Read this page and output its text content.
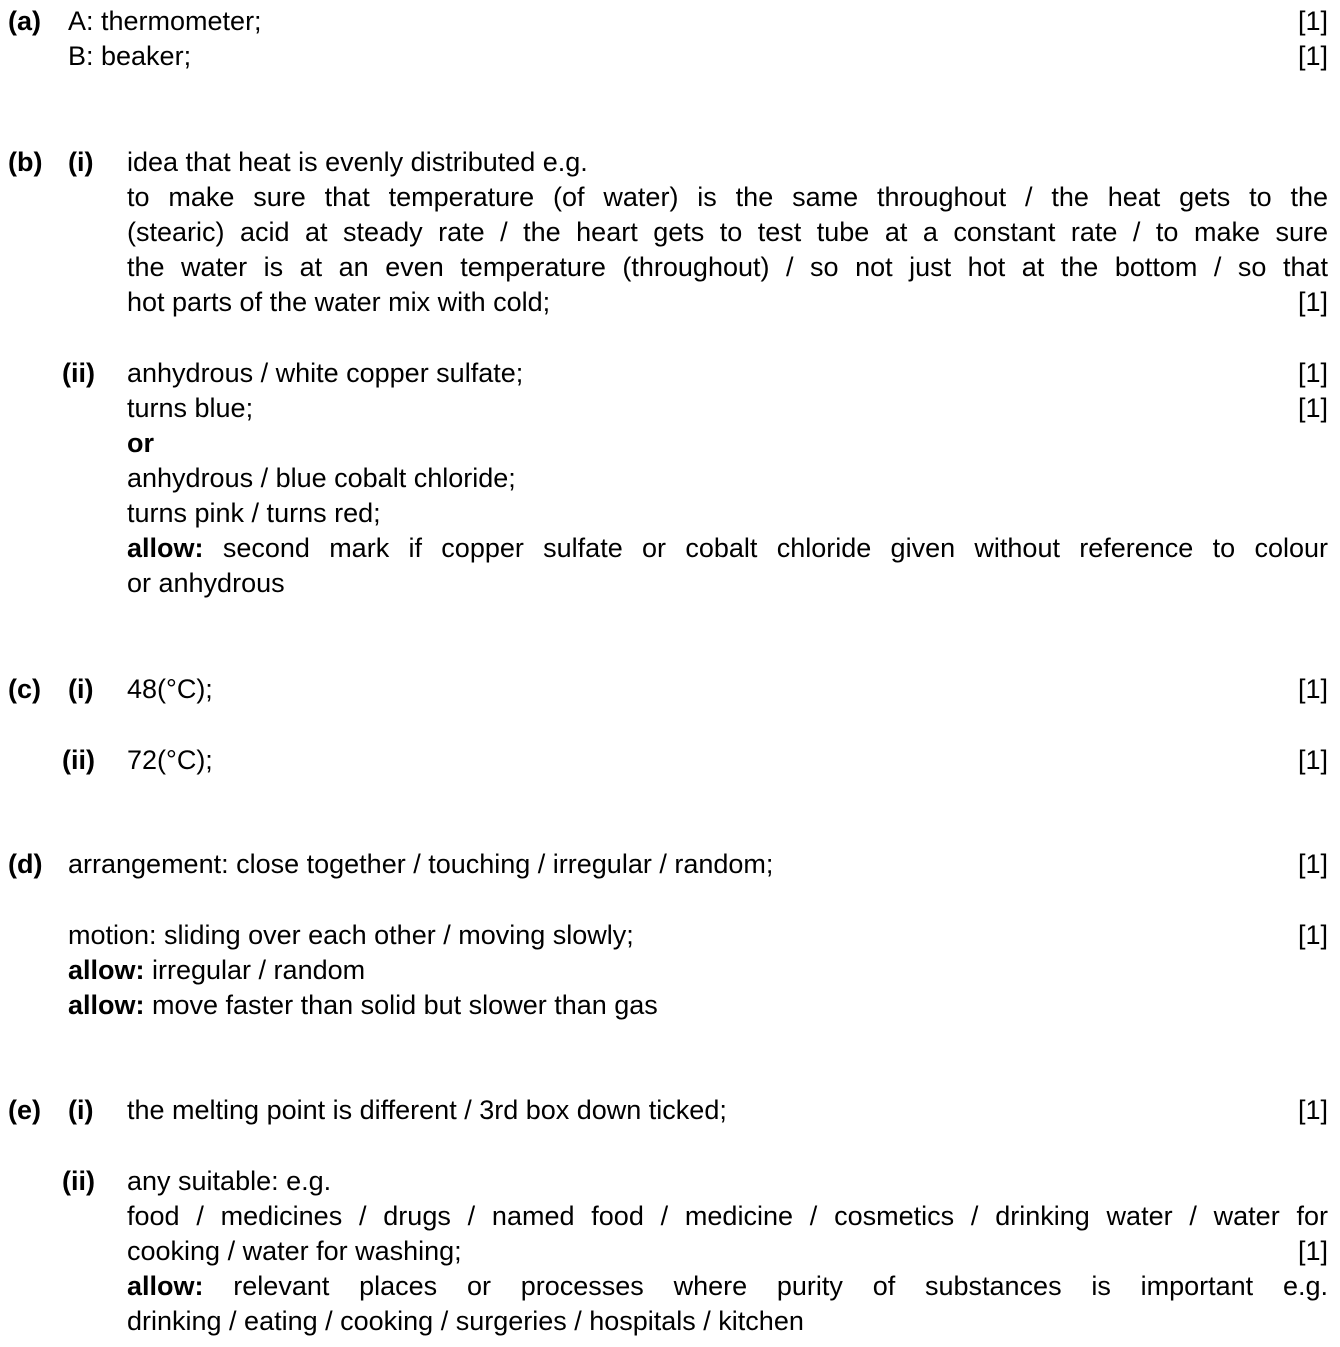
(a) A: thermometer;	[1]
B: beaker;	[1]
(b) (i) idea that heat is evenly distributed e.g.
to make sure that temperature (of water) is the same throughout / the heat gets to the
(stearic) acid at steady rate / the heart gets to test tube at a constant rate / to make sure
the water is at an even temperature (throughout) / so not just hot at the bottom / so that
hot parts of the water mix with cold;	[1]
(ii) anhydrous / white copper sulfate;	[1]
turns blue;	[1]
or
anhydrous / blue cobalt chloride;
turns pink / turns red;
allow: second mark if copper sulfate or cobalt chloride given without reference to colour
or anhydrous
(c) (i) 48(°C);	[1]
(ii) 72(°C);	[1]
(d) arrangement: close together / touching / irregular / random;	[1]
motion: sliding over each other / moving slowly;	[1]
allow: irregular / random
allow: move faster than solid but slower than gas
(e) (i) the melting point is different / 3rd box down ticked;	[1]
(ii) any suitable: e.g.
food / medicines / drugs / named food / medicine / cosmetics / drinking water / water for
cooking / water for washing;	[1]
allow: relevant places or processes where purity of substances is important e.g.
drinking / eating / cooking / surgeries / hospitals / kitchen
